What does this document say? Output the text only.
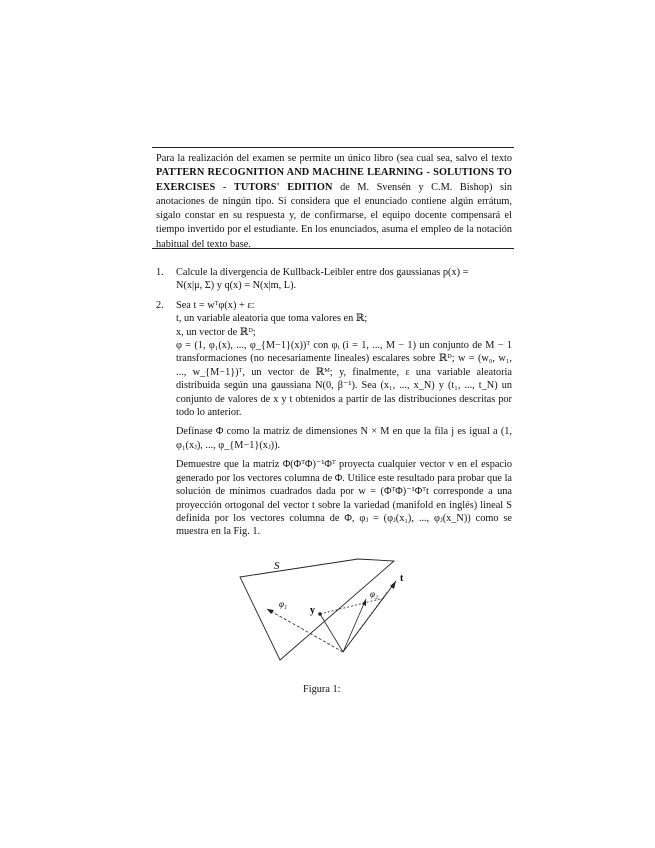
Para la realización del examen se permite un único libro (sea cual sea, salvo el texto PATTERN RECOGNITION AND MACHINE LEARNING - SOLUTIONS TO EXERCISES - TUTORS' EDITION de M. Svensén y C.M. Bishop) sin anotaciones de ningún tipo. Si considera que el enunciado contiene algún errátum, sígalo constar en su respuesta y, de confirmarse, el equipo docente compensará el tiempo invertido por el estudiante. En los enunciados, asuma el empleo de la notación habitual del texto base.
1. Calcule la divergencia de Kullback-Leibler entre dos gaussianas p(x) =
N(x|μ, Σ) y q(x) = N(x|m, L).
2. Sea t = wᵀφ(x) + ε:
t, un variable aleatoria que toma valores en ℝ;
x, un vector de ℝᴰ;
φ = (1, φ₁(x), ..., φ_{M−1}(x))ᵀ con φᵢ (i = 1, ..., M − 1) un conjunto de M − 1 transformaciones (no necesariamente lineales) escalares sobre ℝᴰ; w = (w₀, w₁, ..., w_{M−1})ᵀ, un vector de ℝᴹ; y, finalmente, ε una variable aleatoria distribuida según una gaussiana N(0, β⁻¹). Sea (x₁, ..., x_N) y (t₁, ..., t_N) un conjunto de valores de x y t obtenidos a partir de las distribuciones descritas por todo lo anterior.
Defínase Φ como la matriz de dimensiones N × M en que la fila j es igual a (1, φ₁(xⱼ), ..., φ_{M−1}(xⱼ)).
Demuestre que la matriz Φ(ΦᵀΦ)⁻¹Φᵀ proyecta cualquier vector v en el espacio generado por los vectores columna de Φ. Utilice este resultado para probar que la solución de mínimos cuadrados dada por w = (ΦᵀΦ)⁻¹Φᵀt corresponde a una proyección ortogonal del vector t sobre la variedad (manifold en inglés) lineal S definida por los vectores columna de Φ, φⱼ = (φⱼ(x₁), ..., φⱼ(x_N)) como se muestra en la Fig. 1.
S
t
y
φ₁
φ₂
Figura 1:
